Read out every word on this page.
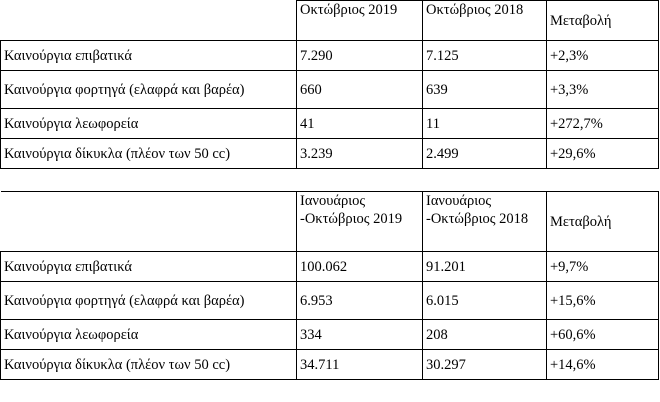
	Οκτώβριος 2019	Οκτώβριος 2018	Μεταβολή
Καινούργια επιβατικά	7.290	7.125	+2,3%
Καινούργια φορτηγά (ελαφρά και βαρέα)	660	639	+3,3%
Καινούργια λεωφορεία	41	11	+272,7%
Καινούργια δίκυκλα (πλέον των 50 cc)	3.239	2.499	+29,6%

	Ιανουάριος -Οκτώβριος 2019	Ιανουάριος -Οκτώβριος 2018	Μεταβολή
Καινούργια επιβατικά	100.062	91.201	+9,7%
Καινούργια φορτηγά (ελαφρά και βαρέα)	6.953	6.015	+15,6%
Καινούργια λεωφορεία	334	208	+60,6%
Καινούργια δίκυκλα (πλέον των 50 cc)	34.711	30.297	+14,6%
